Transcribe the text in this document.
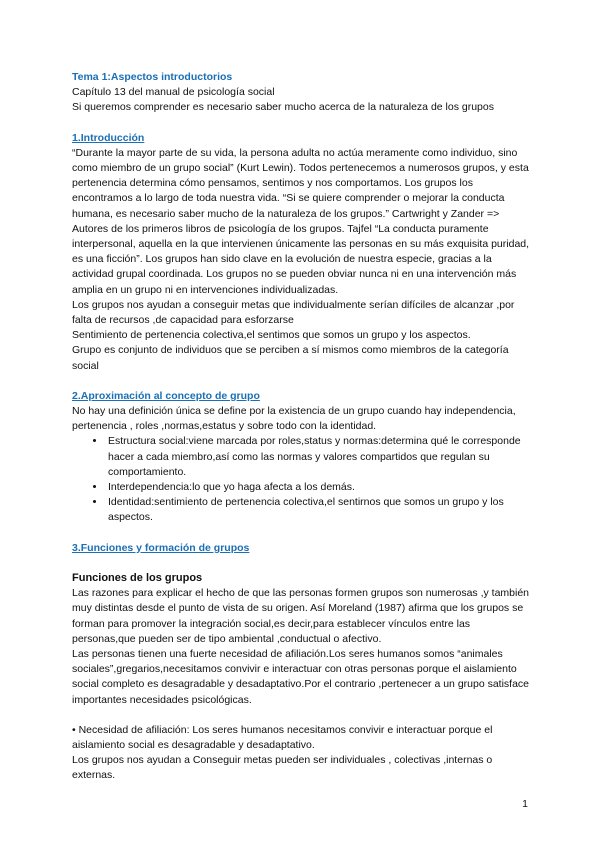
Tema 1:Aspectos introductorios

Capítulo 13 del manual de psicología social

Si queremos comprender es necesario saber mucho acerca de la naturaleza de los grupos

1.Introducción

“Durante la mayor parte de su vida, la persona adulta no actúa meramente como individuo, sino como miembro de un grupo social” (Kurt Lewin). Todos pertenecemos a numerosos grupos, y esta pertenencia determina cómo pensamos, sentimos y nos comportamos. Los grupos los encontramos a lo largo de toda nuestra vida. “Si se quiere comprender o mejorar la conducta humana, es necesario saber mucho de la naturaleza de los grupos.” Cartwright y Zander => Autores de los primeros libros de psicología de los grupos. Tajfel “La conducta puramente interpersonal, aquella en la que intervienen únicamente las personas en su más exquisita puridad, es una ficción”. Los grupos han sido clave en la evolución de nuestra especie, gracias a la actividad grupal coordinada. Los grupos no se pueden obviar nunca ni en una intervención más amplia en un grupo ni en intervenciones individualizadas.

Los grupos nos ayudan a conseguir metas que individualmente serían difíciles de alcanzar ,por falta de recursos ,de capacidad para esforzarse

Sentimiento de pertenencia colectiva,el sentimos que somos un grupo y los aspectos.

Grupo es conjunto de individuos que se perciben a sí mismos como miembros de la categoría social

2.Aproximación al concepto de grupo

No hay una definición única se define por la existencia de un grupo cuando hay independencia, pertenencia , roles ,normas,estatus y sobre todo con la identidad.

• Estructura social:viene marcada por roles,status y normas:determina qué le corresponde hacer a cada miembro,así como las normas y valores compartidos que regulan su comportamiento.
• Interdependencia:lo que yo haga afecta a los demás.
• Identidad:sentimiento de pertenencia colectiva,el sentirnos que somos un grupo y los aspectos.

3.Funciones y formación de grupos

Funciones de los grupos

Las razones para explicar el hecho de que las personas formen grupos son numerosas ,y también muy distintas desde el punto de vista de su origen. Así Moreland (1987) afirma que los grupos se forman para promover la integración social,es decir,para establecer vínculos entre las personas,que pueden ser de tipo ambiental ,conductual o afectivo.

Las personas tienen una fuerte necesidad de afiliación.Los seres humanos somos “animales sociales”,gregarios,necesitamos convivir e interactuar con otras personas porque el aislamiento social completo es desagradable y desadaptativo.Por el contrario ,pertenecer a un grupo satisface importantes necesidades psicológicas.

• Necesidad de afiliación: Los seres humanos necesitamos convivir e interactuar porque el aislamiento social es desagradable y desadaptativo.

Los grupos nos ayudan a Conseguir metas pueden ser individuales , colectivas ,internas o externas.

1
